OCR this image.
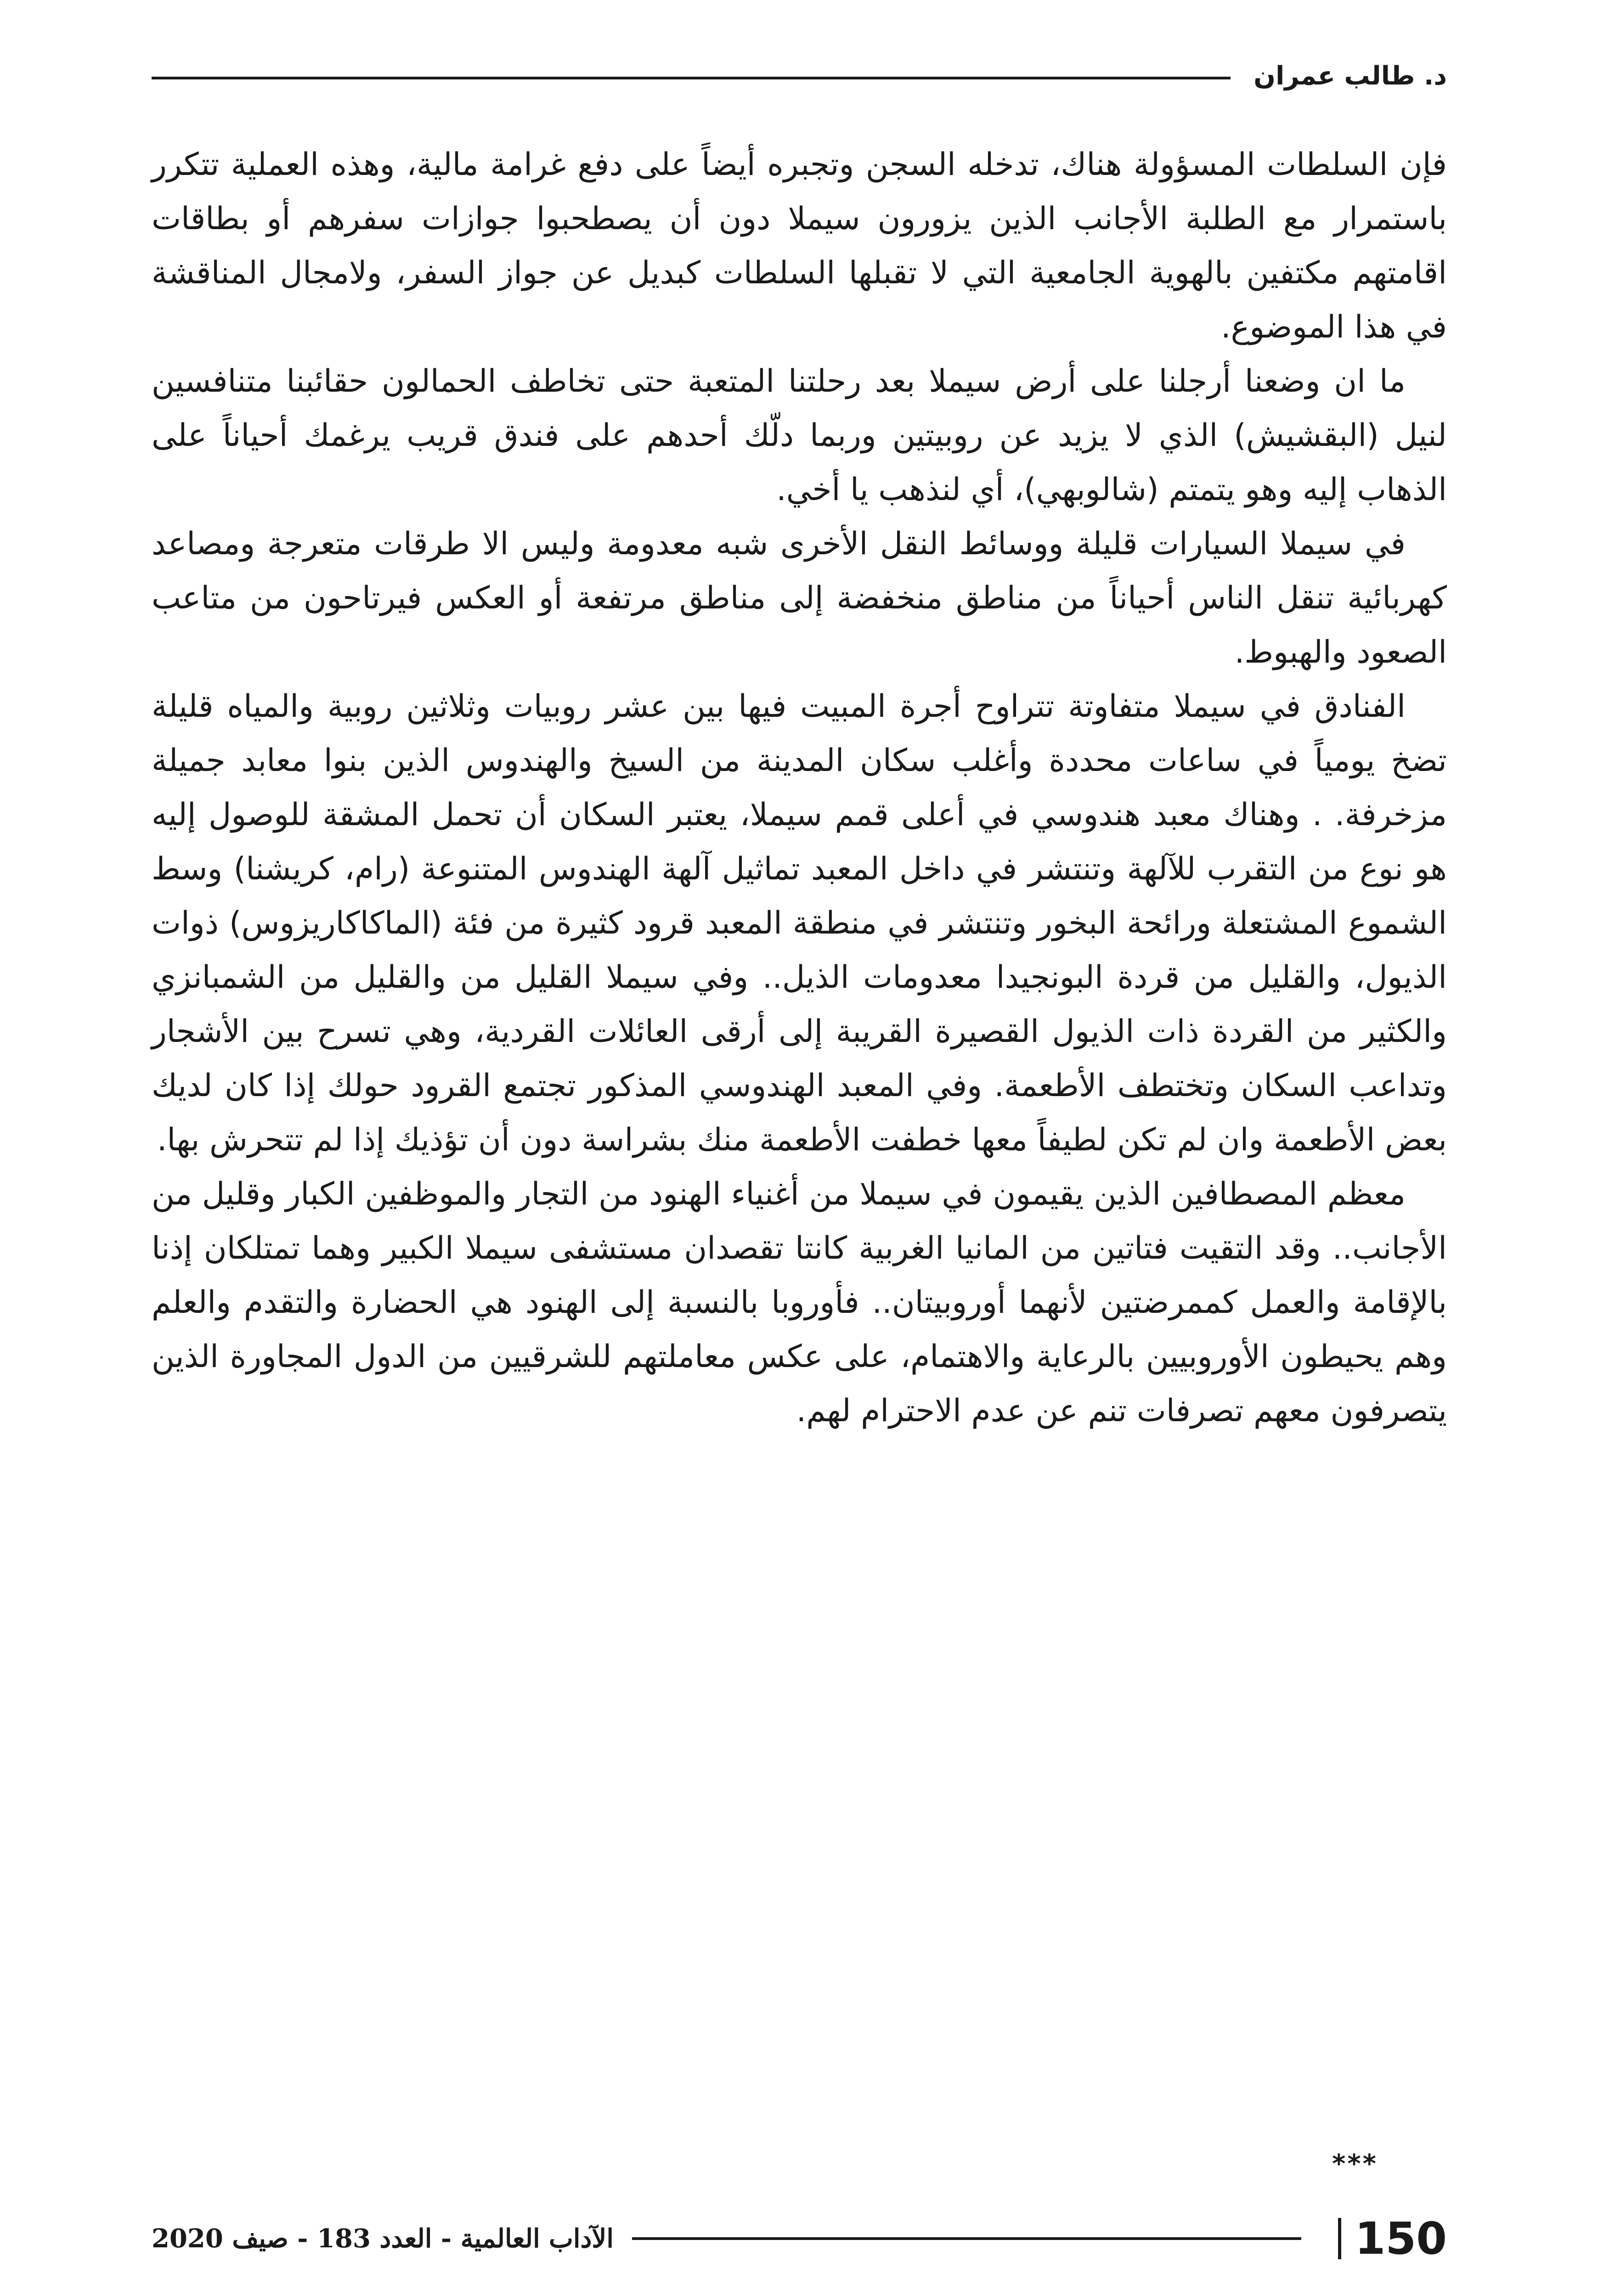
د. طالب عمران

فإن السلطات المسؤولة هناك، تدخله السجن وتجبره أيضاً على دفع غرامة مالية، وهذه العملية تتكرر باستمرار مع الطلبة الأجانب الذين يزورون سيملا دون أن يصطحبوا جوازات سفرهم أو بطاقات اقامتهم مكتفين بالهوية الجامعية التي لا تقبلها السلطات كبديل عن جواز السفر، ولامجال المناقشة في هذا الموضوع.

ما ان وضعنا أرجلنا على أرض سيملا بعد رحلتنا المتعبة حتى تخاطف الحمالون حقائبنا متنافسين لنيل (البقشيش) الذي لا يزيد عن روبيتين وربما دلّك أحدهم على فندق قريب يرغمك أحياناً على الذهاب إليه وهو يتمتم (شالوبهي)، أي لنذهب يا أخي.

في سيملا السيارات قليلة ووسائط النقل الأخرى شبه معدومة وليس الا طرقات متعرجة ومصاعد كهربائية تنقل الناس أحياناً من مناطق منخفضة إلى مناطق مرتفعة أو العكس فيرتاحون من متاعب الصعود والهبوط.

الفنادق في سيملا متفاوتة تتراوح أجرة المبيت فيها بين عشر روبيات وثلاثين روبية والمياه قليلة تضخ يومياً في ساعات محددة وأغلب سكان المدينة من السيخ والهندوس الذين بنوا معابد جميلة مزخرفة. . وهناك معبد هندوسي في أعلى قمم سيملا، يعتبر السكان أن تحمل المشقة للوصول إليه هو نوع من التقرب للآلهة وتنتشر في داخل المعبد تماثيل آلهة الهندوس المتنوعة (رام، كريشنا) وسط الشموع المشتعلة ورائحة البخور وتنتشر في منطقة المعبد قرود كثيرة من فئة (الماكاكاريزوس) ذوات الذيول، والقليل من قردة البونجيدا معدومات الذيل.. وفي سيملا القليل من والقليل من الشمبانزي والكثير من القردة ذات الذيول القصيرة القريبة إلى أرقى العائلات القردية، وهي تسرح بين الأشجار وتداعب السكان وتختطف الأطعمة. وفي المعبد الهندوسي المذكور تجتمع القرود حولك إذا كان لديك بعض الأطعمة وان لم تكن لطيفاً معها خطفت الأطعمة منك بشراسة دون أن تؤذيك إذا لم تتحرش بها.

معظم المصطافين الذين يقيمون في سيملا من أغنياء الهنود من التجار والموظفين الكبار وقليل من الأجانب.. وقد التقيت فتاتين من المانيا الغربية كانتا تقصدان مستشفى سيملا الكبير وهما تمتلكان إذنا بالإقامة والعمل كممرضتين لأنهما أوروبيتان.. فأوروبا بالنسبة إلى الهنود هي الحضارة والتقدم والعلم وهم يحيطون الأوروبيين بالرعاية والاهتمام، على عكس معاملتهم للشرقيين من الدول المجاورة الذين يتصرفون معهم تصرفات تنم عن عدم الاحترام لهم.

***
150
الآداب العالمية - العدد 183 - صيف 2020
